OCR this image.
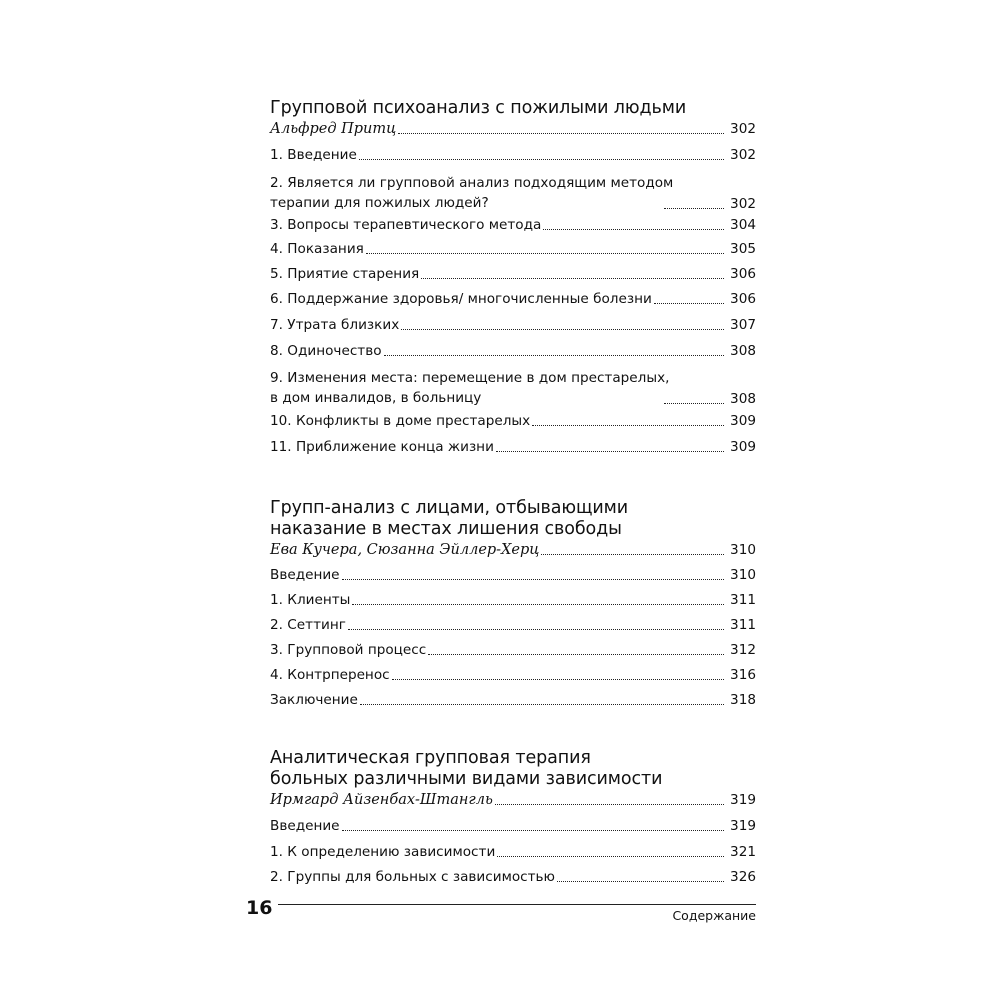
Групповой психоанализ с пожилыми людьми
Альфред Притц	302
1. Введение	302
2. Является ли групповой анализ подходящим методом
терапии для пожилых людей?	302
3. Вопросы терапевтического метода	304
4. Показания	305
5. Приятие старения	306
6. Поддержание здоровья/ многочисленные болезни	306
7. Утрата близких	307
8. Одиночество	308
9. Изменения места: перемещение в дом престарелых,
в дом инвалидов, в больницу	308
10. Конфликты в доме престарелых	309
11. Приближение конца жизни	309
Групп-анализ с лицами, отбывающими
наказание в местах лишения свободы
Ева Кучера, Сюзанна Эйллер-Херц	310
Введение	310
1. Клиенты	311
2. Сеттинг	311
3. Групповой процесс	312
4. Контрперенос	316
Заключение	318
Аналитическая групповая терапия
больных различными видами зависимости
Ирмгард Айзенбах-Штангль	319
Введение	319
1. К определению зависимости	321
2. Группы для больных с зависимостью	326
16	Содержание
